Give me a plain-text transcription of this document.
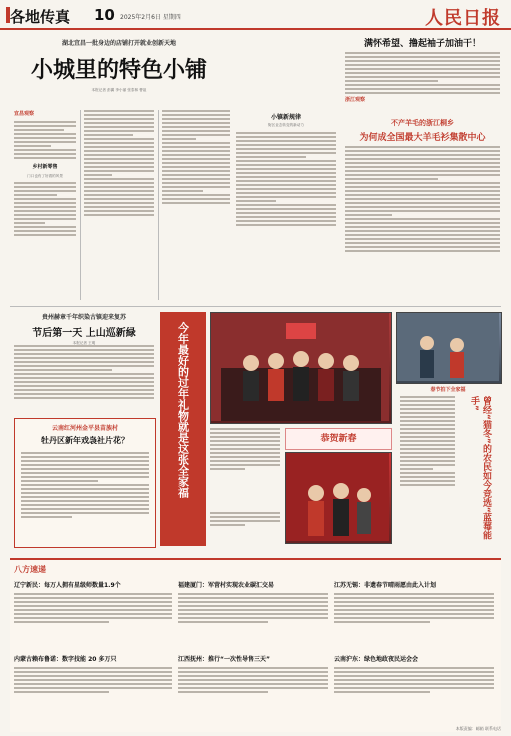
各地传真 10 2025年2月6日 星期四	人民日报
湖北宜昌一批身边的店铺打开就业创新天地
小城里的特色小铺
本报记者 彭翼 李小丽 张泰林 曹祖
宜昌观察
乡村新零售
门口也有了好看的风景
小镇新规律
街区业态转变的新动力
满怀希望、撸起袖子加油干！
浙江观察
不产羊毛的浙江桐乡
为何成全国最大羊毛衫集散中心
贵州赫章千年织染古镇迎来复苏
节后第一天 上山巡新緑
本报记者 王明
云南红河州金平县苗族村
牡丹区新年戏袅社片花？	今年最好的过年礼物就是这张全家福	恭贺新春
春节拍下全家福
曾经“猫冬”的农民如今竞选“蓝莓能手”
八方速递
辽宁新民：每万人拥有星级师数量1.9个	福建厦门：军营村实现农业碳汇交易	江苏无锡：非遗春节晴雨愿由此入计划
内蒙古赖布鲁诺：数字技能 20 多万只	江西抚州：推行“一次性导售三天”	云南沪东：绿色地政夜民运会会
本版责编：邮箱 联系电话
